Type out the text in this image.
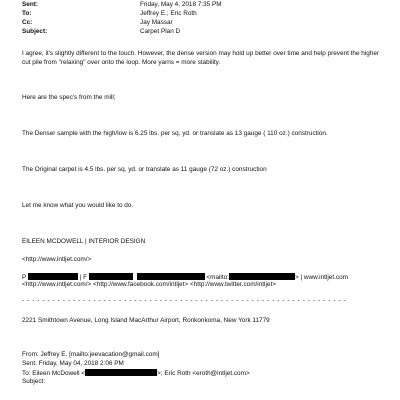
Sent:	Friday, May 4, 2018 7:35 PM
To:	Jeffrey E.; Eric Roth
Cc:	Jay Massar
Subject:	Carpet Plan D
I agree, it's slightly different to the touch. However, the dense version may hold up better over time and help prevent the higher cut pile from "relaxing" over onto the loop. More yarns = more stability.
Here are the spec's from the mill;
The Denser sample with the high/low is 6.25 lbs. per sq. yd. or translate as 13 gauge ( 110 oz.) construction.
The Original carpet is 4.5 lbs. per sq. yd. or translate as 11 gauge (72 oz.) construction
Let me know what you would like to do.
EILEEN MCDOWELL | INTERIOR DESIGN
<http://www.intljet.com/>
P	| F	<mailto:	> | www.intljet.com
<http://www.intljet.com/> <http://www.facebook.com/intljet> <http://www.twitter.com/intljet>
- - - - - - - - - - - - - - - - - - - - - - - - - - - - - - - - - - - - - - - - - - - - - - - - - - - - - - - - - - - - - - - -
2221 Smithtown Avenue, Long Island MacArthur Airport, Ronkonkoma, New York 11779
From: Jeffrey E. [mailto:jeevacation@gmail.com]
Sent: Friday, May 04, 2018 2:06 PM
To: Eileen McDowell <	>; Eric Roth <eroth@intljet.com>
Subject:
